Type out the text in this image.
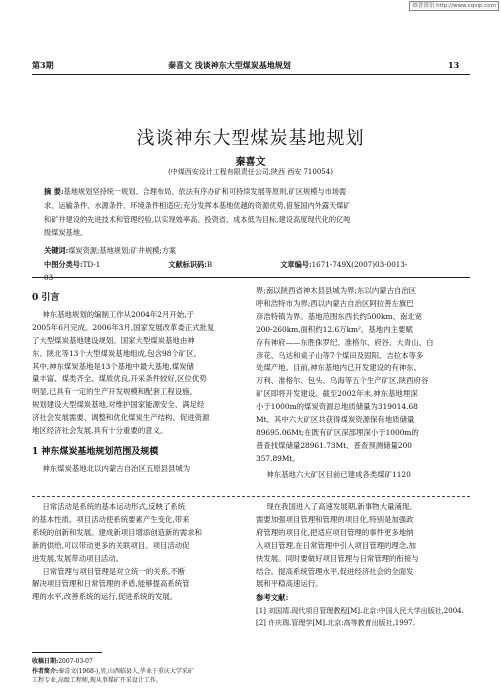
维普资讯 http://www.cqvip.com
第3期	秦喜文 浅谈神东大型煤炭基地规划	13
浅谈神东大型煤炭基地规划
秦喜文
(中煤西安设计工程有限责任公司,陕西 西安 710054)
摘 要:基地规划坚持统一规划、合理布局、依法有序办矿和可持续发展等原则,矿区规模与市场需
求、运输条件、水源条件、环境条件相适应;充分发挥本基地优越的资源优势,借鉴国内外露天煤矿
和矿井建设的先进技术和管理经验,以实现效率高、投资省、成本低为目标,建设高度现代化的亿吨
级煤炭基地。
关键词:煤炭资源;基地规划;矿井规模;方案
中图分类号:TD-1	文献标识码:B	文章编号:1671-749X(2007)03-0013-03
0 引言

神东基地规划的编制工作从2004年2月开始,于

2005年6月完成。2006年3月,国家发展改革委正式批复
了大型煤炭基地建设规划。国家大型煤炭基地由神
东、陕北等13个大型煤炭基地组成,包含98个矿区。
其中,神东煤炭基地是13个基地中最大基地,煤炭储
量丰富、煤类齐全、煤质优良,开采条件较好,区位优势
明显,已具有一定的生产开发规模和配套工程设施。
规划建设大型煤炭基地,对维护国家能源安全、满足经
济社会发展需要、调整和优化煤炭生产结构、促进资源
地区经济社会发展,具有十分重要的意义。
1 神东煤炭基地规划范围及规模

神东煤炭基地北以内蒙古自治区五原县县城为

界;南以陕西省神木县县城为界;东以内蒙古自治区
呼和浩特市为界;西以内蒙古自治区阿拉善左旗巴
彦浩特镇为界。基地范围东西长约500km、南北宽
200-260km,面积约12.6万km²。基地内主要赋
存有神府——东胜侏罗纪、准格尔、府谷、大青山、白
彦花、乌达和桌子山等7个煤田及固阳、吉拉本等多
处煤产地。目前,神东基地内已开发建设的有神东、
万利、准格尔、包头、乌海等五个生产矿区,陕西府谷
矿区即将开发建设。截至2002年末,神东基地埋深
小于1000m的煤炭资源总地质储量为319014.68
Mt。其中六大矿区共获得煤炭资源保有地质储量
89695.06Mt;在既有矿区深部埋深小于1000m的
普查找煤储量28961.73Mt、普查预测储量200
357.89Mt。

神东基地六大矿区目前已建成各类煤矿1120

日常活动是系统的基本运动形式,反映了系统

的基本性质。项目活动使系统要素产生变化,带来
系统的创新和发展。建成新项目增添创造新的需求和
新的供给,可以带动更多的关联项目。项目活动促
进发展,发展带动项目活动。

日常管理与项目管理是对立统一的关系,不断

解决项目管理和日常管理的矛盾,能够提高系统管
理的水平,改善系统的运行,促进系统的发展。

现在我国进入了高速发展期,新事物大量涌现。

需要加强项目管理和管理的项目化,特别是加强政
府管理的项目化,把适应项目管理的事件更多地纳
入项目管理,在日常管理中引入项目管理的理念,加
快发展。同时要做好项目管理与日常管理的衔接与
结合。提高系统管理水平,促进经济社会的全面发
展和平稳高速运行。
参考文献:
[1] 刘国靖.现代项目管理教程[M].北京:中国人民大学出版社,2004.
[2] 许庆瑞.管理学[M].北京:高等教育出版社,1997.
收稿日期:2007-03-07
作者简介:秦喜文(1968-),男,山西临县人,毕业于重庆大学采矿
工程专业,高级工程师,现从事煤矿开采设计工作。
